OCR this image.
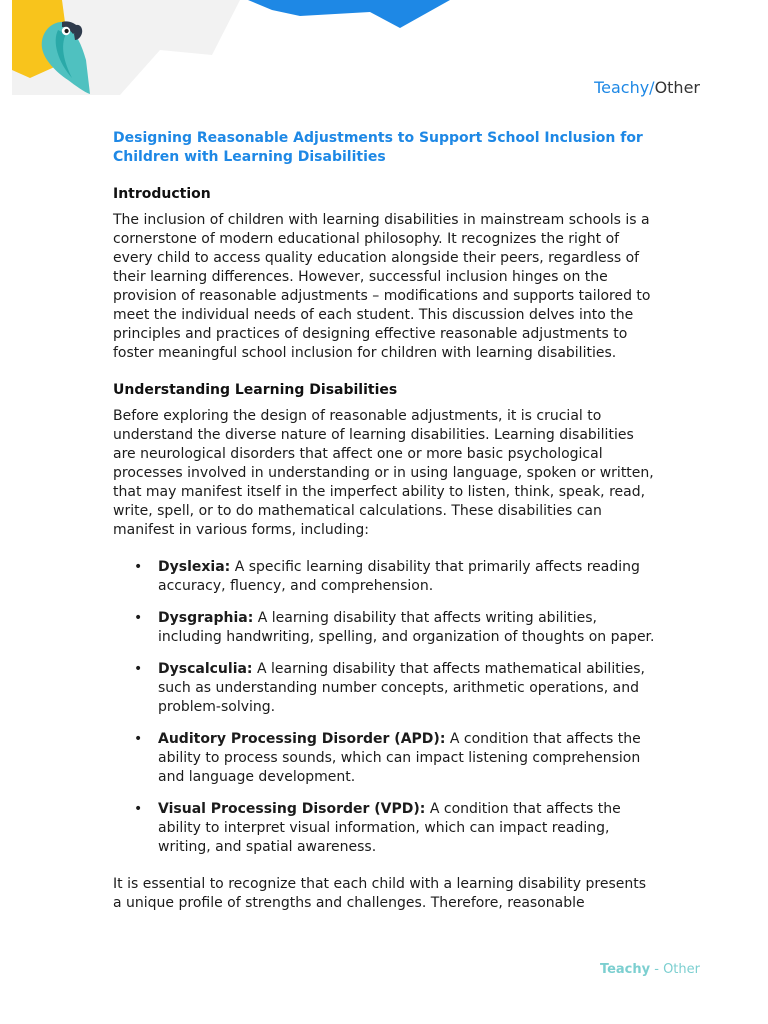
Teachy/Other
Designing Reasonable Adjustments to Support School Inclusion for Children with Learning Disabilities
Introduction

The inclusion of children with learning disabilities in mainstream schools is a cornerstone of modern educational philosophy. It recognizes the right of every child to access quality education alongside their peers, regardless of their learning differences. However, successful inclusion hinges on the provision of reasonable adjustments – modifications and supports tailored to meet the individual needs of each student. This discussion delves into the principles and practices of designing effective reasonable adjustments to foster meaningful school inclusion for children with learning disabilities.

Understanding Learning Disabilities

Before exploring the design of reasonable adjustments, it is crucial to understand the diverse nature of learning disabilities. Learning disabilities are neurological disorders that affect one or more basic psychological processes involved in understanding or in using language, spoken or written, that may manifest itself in the imperfect ability to listen, think, speak, read, write, spell, or to do mathematical calculations. These disabilities can manifest in various forms, including:

• Dyslexia: A specific learning disability that primarily affects reading accuracy, fluency, and comprehension.
• Dysgraphia: A learning disability that affects writing abilities, including handwriting, spelling, and organization of thoughts on paper.
• Dyscalculia: A learning disability that affects mathematical abilities, such as understanding number concepts, arithmetic operations, and problem-solving.
• Auditory Processing Disorder (APD): A condition that affects the ability to process sounds, which can impact listening comprehension and language development.
• Visual Processing Disorder (VPD): A condition that affects the ability to interpret visual information, which can impact reading, writing, and spatial awareness.

It is essential to recognize that each child with a learning disability presents a unique profile of strengths and challenges. Therefore, reasonable

Teachy - Other
